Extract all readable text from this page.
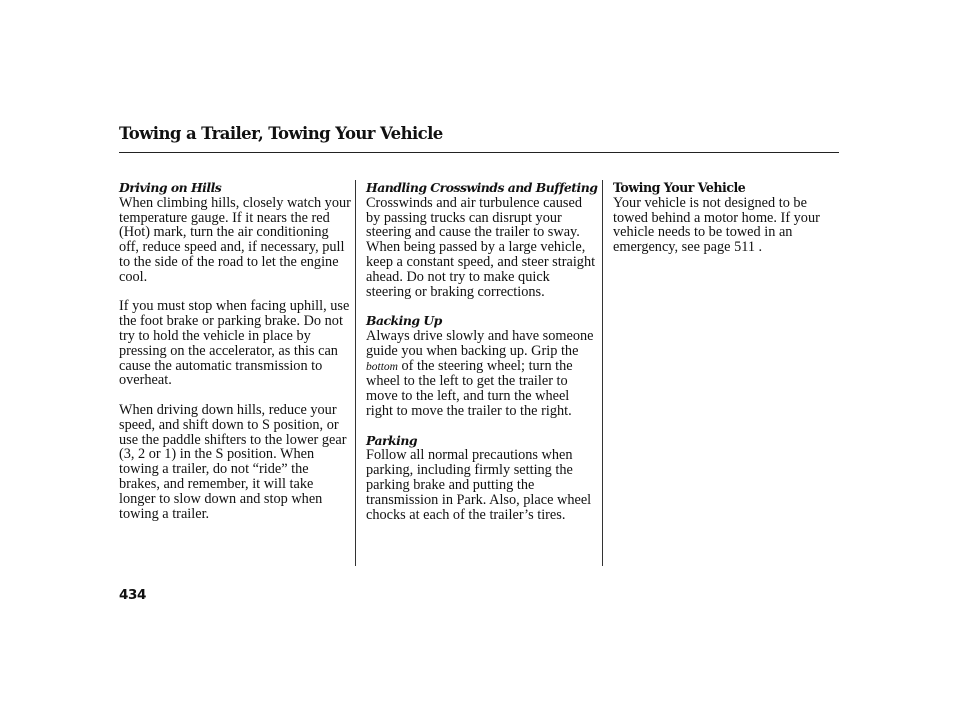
Towing a Trailer, Towing Your Vehicle
Driving on Hills

When climbing hills, closely watch your temperature gauge. If it nears the red (Hot) mark, turn the air conditioning off, reduce speed and, if necessary, pull to the side of the road to let the engine cool.

If you must stop when facing uphill, use the foot brake or parking brake. Do not try to hold the vehicle in place by pressing on the accelerator, as this can cause the automatic transmission to overheat.

When driving down hills, reduce your speed, and shift down to S position, or use the paddle shifters to the lower gear (3, 2 or 1) in the S position. When towing a trailer, do not “ride” the brakes, and remember, it will take longer to slow down and stop when towing a trailer.

Handling Crosswinds and Buffeting

Crosswinds and air turbulence caused by passing trucks can disrupt your steering and cause the trailer to sway. When being passed by a large vehicle, keep a constant speed, and steer straight ahead. Do not try to make quick steering or braking corrections.

Backing Up

Always drive slowly and have someone guide you when backing up. Grip the bottom of the steering wheel; turn the wheel to the left to get the trailer to move to the left, and turn the wheel right to move the trailer to the right.

Parking

Follow all normal precautions when parking, including firmly setting the parking brake and putting the transmission in Park. Also, place wheel chocks at each of the trailer’s tires.

Towing Your Vehicle

Your vehicle is not designed to be towed behind a motor home. If your vehicle needs to be towed in an emergency, see page 511 .

434
